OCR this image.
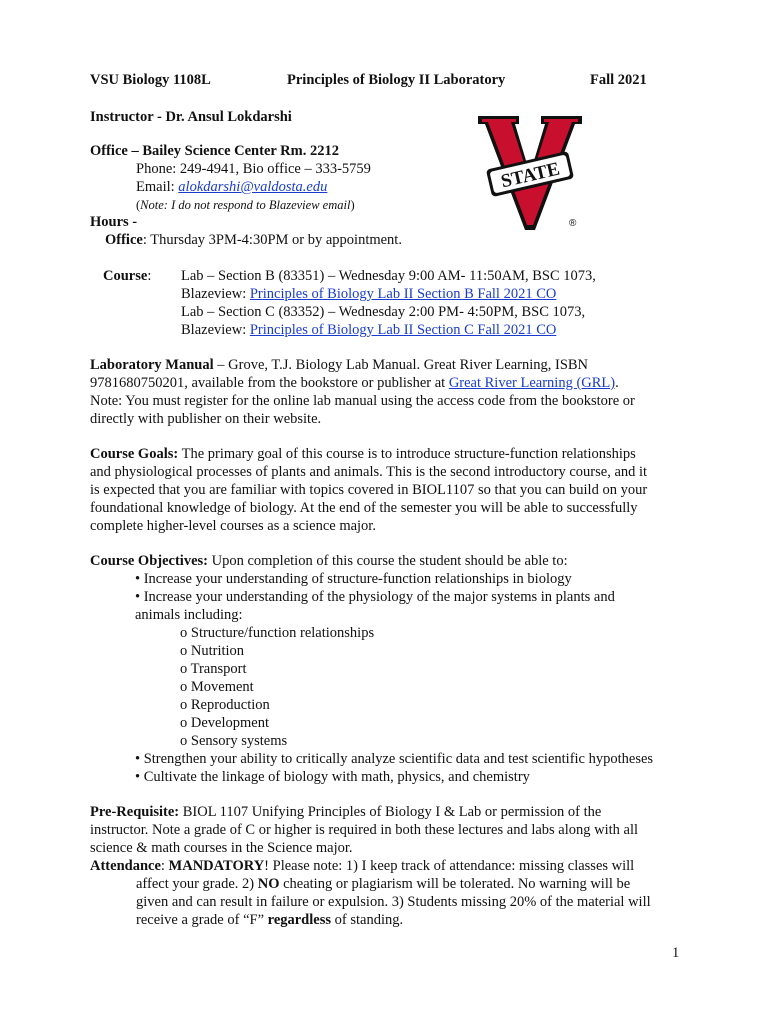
VSU Biology 1108L	Principles of Biology II Laboratory	Fall 2021
Instructor - Dr. Ansul Lokdarshi
Office – Bailey Science Center Rm. 2212
Phone: 249-4941, Bio office – 333-5759
Email: alokdarshi@valdosta.edu
(Note: I do not respond to Blazeview email)
STATE
®
Hours -
Office: Thursday 3PM-4:30PM or by appointment.
Course: Lab – Section B (83351) – Wednesday 9:00 AM- 11:50AM, BSC 1073,
Blazeview: Principles of Biology Lab II Section B Fall 2021 CO
Lab – Section C (83352) – Wednesday 2:00 PM- 4:50PM, BSC 1073,
Blazeview: Principles of Biology Lab II Section C Fall 2021 CO
Laboratory Manual – Grove, T.J. Biology Lab Manual. Great River Learning, ISBN
9781680750201, available from the bookstore or publisher at Great River Learning (GRL).
Note: You must register for the online lab manual using the access code from the bookstore or
directly with publisher on their website.
Course Goals: The primary goal of this course is to introduce structure-function relationships
and physiological processes of plants and animals. This is the second introductory course, and it
is expected that you are familiar with topics covered in BIOL1107 so that you can build on your
foundational knowledge of biology. At the end of the semester you will be able to successfully
complete higher-level courses as a science major.
Course Objectives: Upon completion of this course the student should be able to:
• Increase your understanding of structure-function relationships in biology
• Increase your understanding of the physiology of the major systems in plants and
animals including:
o Structure/function relationships
o Nutrition
o Transport
o Movement
o Reproduction
o Development
o Sensory systems
• Strengthen your ability to critically analyze scientific data and test scientific hypotheses
• Cultivate the linkage of biology with math, physics, and chemistry
Pre-Requisite: BIOL 1107 Unifying Principles of Biology I & Lab or permission of the
instructor. Note a grade of C or higher is required in both these lectures and labs along with all
science & math courses in the Science major.
Attendance: MANDATORY! Please note: 1) I keep track of attendance: missing classes will
affect your grade. 2) NO cheating or plagiarism will be tolerated. No warning will be
given and can result in failure or expulsion. 3) Students missing 20% of the material will
receive a grade of “F” regardless of standing.
1
